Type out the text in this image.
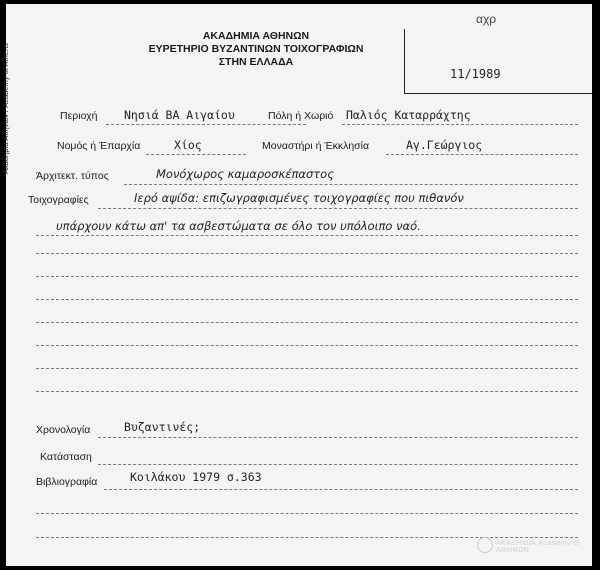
ΑΚΑΔΗΜΙΑ ΑΘΗΝΩΝ
ΕΥΡΕΤΗΡΙΟ ΒΥΖΑΝΤΙΝΩΝ ΤΟΙΧΟΓΡΑΦΙΩΝ
ΣΤΗΝ ΕΛΛΑΔΑ
αχρ
11/1989
Ακαδημία Αθηνών / Academy of Athens	Περιοχή Νησιά ΒΑ Αιγαίου	Πόλη ή Χωριό Παλιός Καταρράχτης
Νομός ή Έπαρχία	Χίος	Μοναστήρι ή Έκκλησία	Αγ.Γεώργιος
Άρχιτεκτ. τύπος	Μονόχωρος καμαροσκέπαστος
Τοιχογραφίες	Ιερό αψίδα: επιζωγραφισμένες τοιχογραφίες που πιθανόν
υπάρχουν κάτω απ' τα ασβεστώματα σε όλο τον υπόλοιπο ναό.
Χρονολογία	Βυζαντινές;
Κατάσταση
Βιβλιογραφία	Κοιλάκου 1979 σ.363
ΑΚΑΔΗΜΙΑ Academy of ΑΘΗΝΩΝ
